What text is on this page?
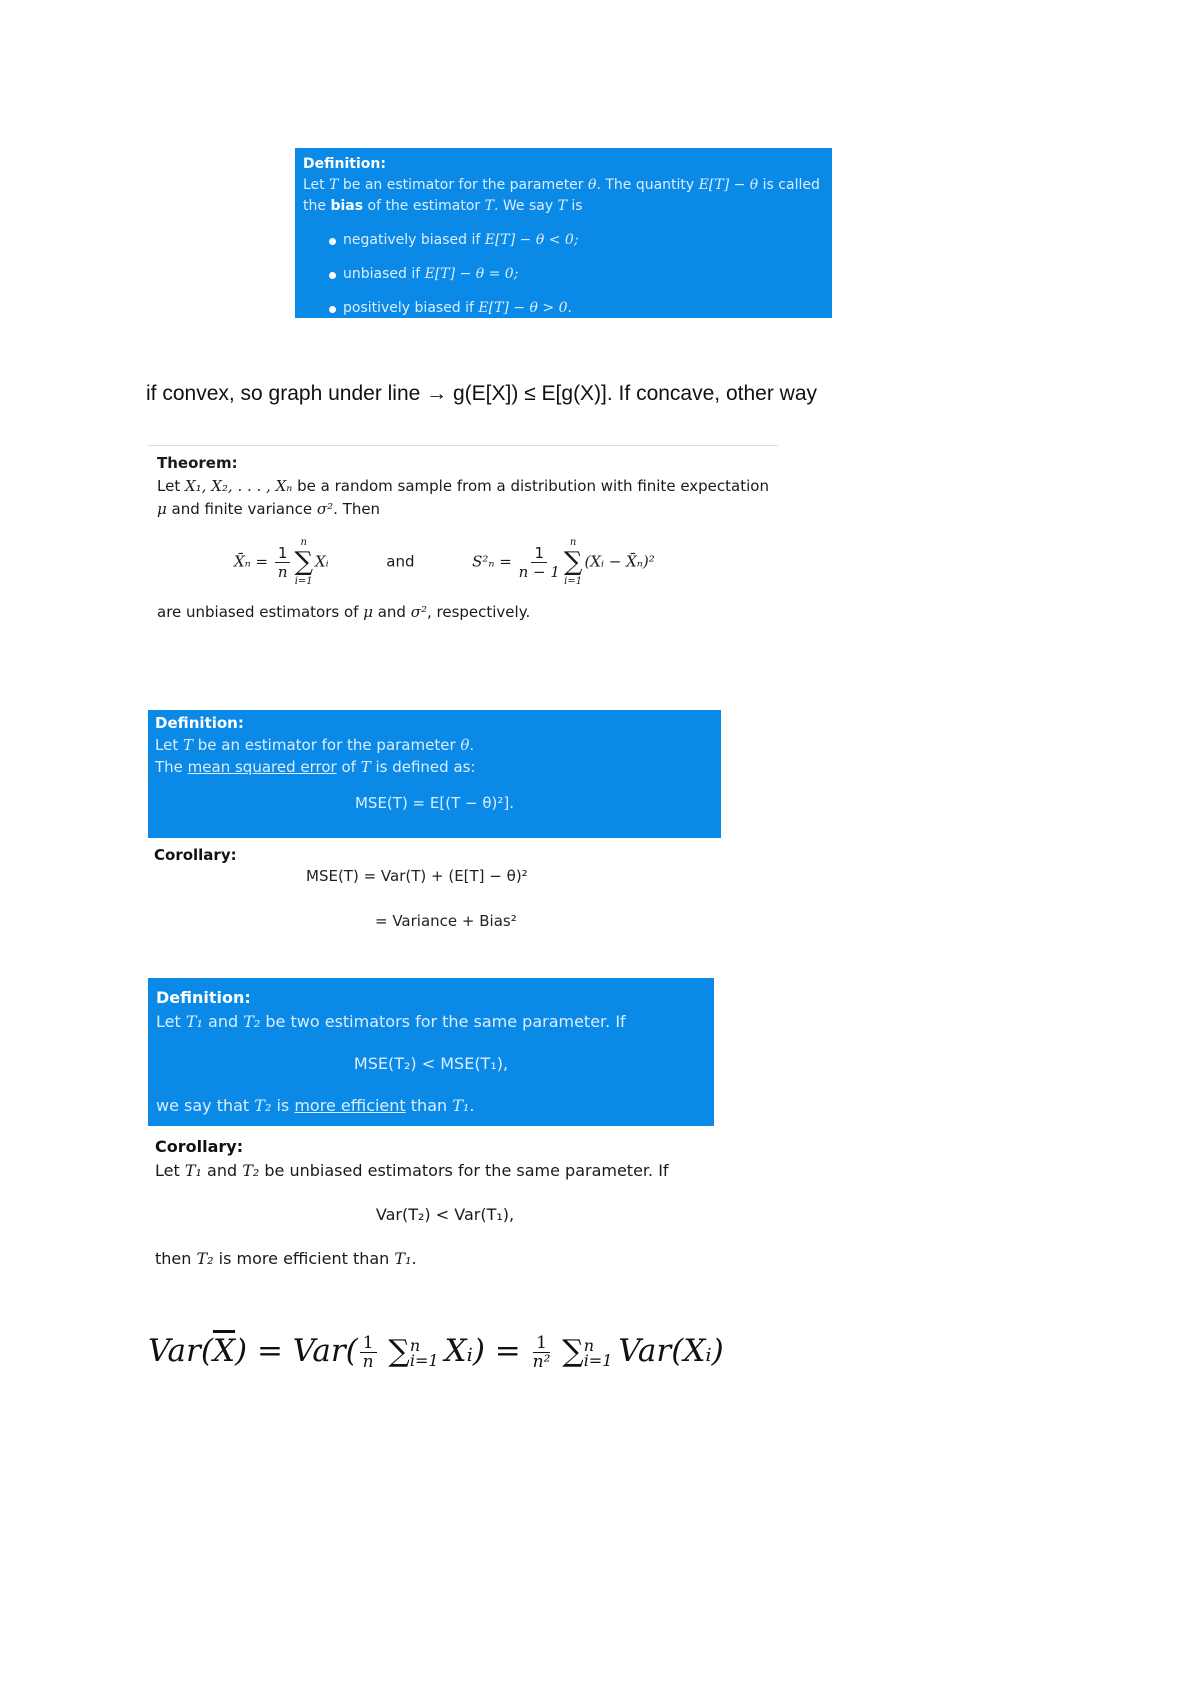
Definition:
Let T be an estimator for the parameter θ. The quantity E[T] − θ is called
the bias of the estimator T. We say T is
negatively biased if E[T] − θ < 0;
unbiased if E[T] − θ = 0;
positively biased if E[T] − θ > 0.
if convex, so graph under line → g(E[X]) ≤ E[g(X)]. If concave, other way
Theorem:
Let X₁, X₂, . . . , Xₙ be a random sample from a distribution with finite expectation
μ and finite variance σ². Then
X̄ₙ = $\frac{1}{n}$
n
∑
i=1
Xᵢ	and	$S^2_n = \frac{1}{n - 1}$
n
∑
i=1
(Xᵢ − X̄ₙ)²
are unbiased estimators of μ and σ², respectively.
Definition:
Let T be an estimator for the parameter θ.
The mean squared error of T is defined as:
MSE(T) = E[(T − θ)²].
Corollary:
MSE(T) = Var(T) + (E[T] − θ)²
= Variance + Bias²
Definition:
Let T₁ and T₂ be two estimators for the same parameter. If
MSE(T₂) < MSE(T₁),
we say that T₂ is more efficient than T₁.
Corollary:
Let T₁ and T₂ be unbiased estimators for the same parameter. If
Var(T₂) < Var(T₁),
then T₂ is more efficient than T₁.
$Var(\overline{X}) = Var( \frac{1}{n}$ ∑ n
i=1 Xᵢ) = $\frac{1}{\text{n²}}$ ∑ n
i=1 Var(Xᵢ)
